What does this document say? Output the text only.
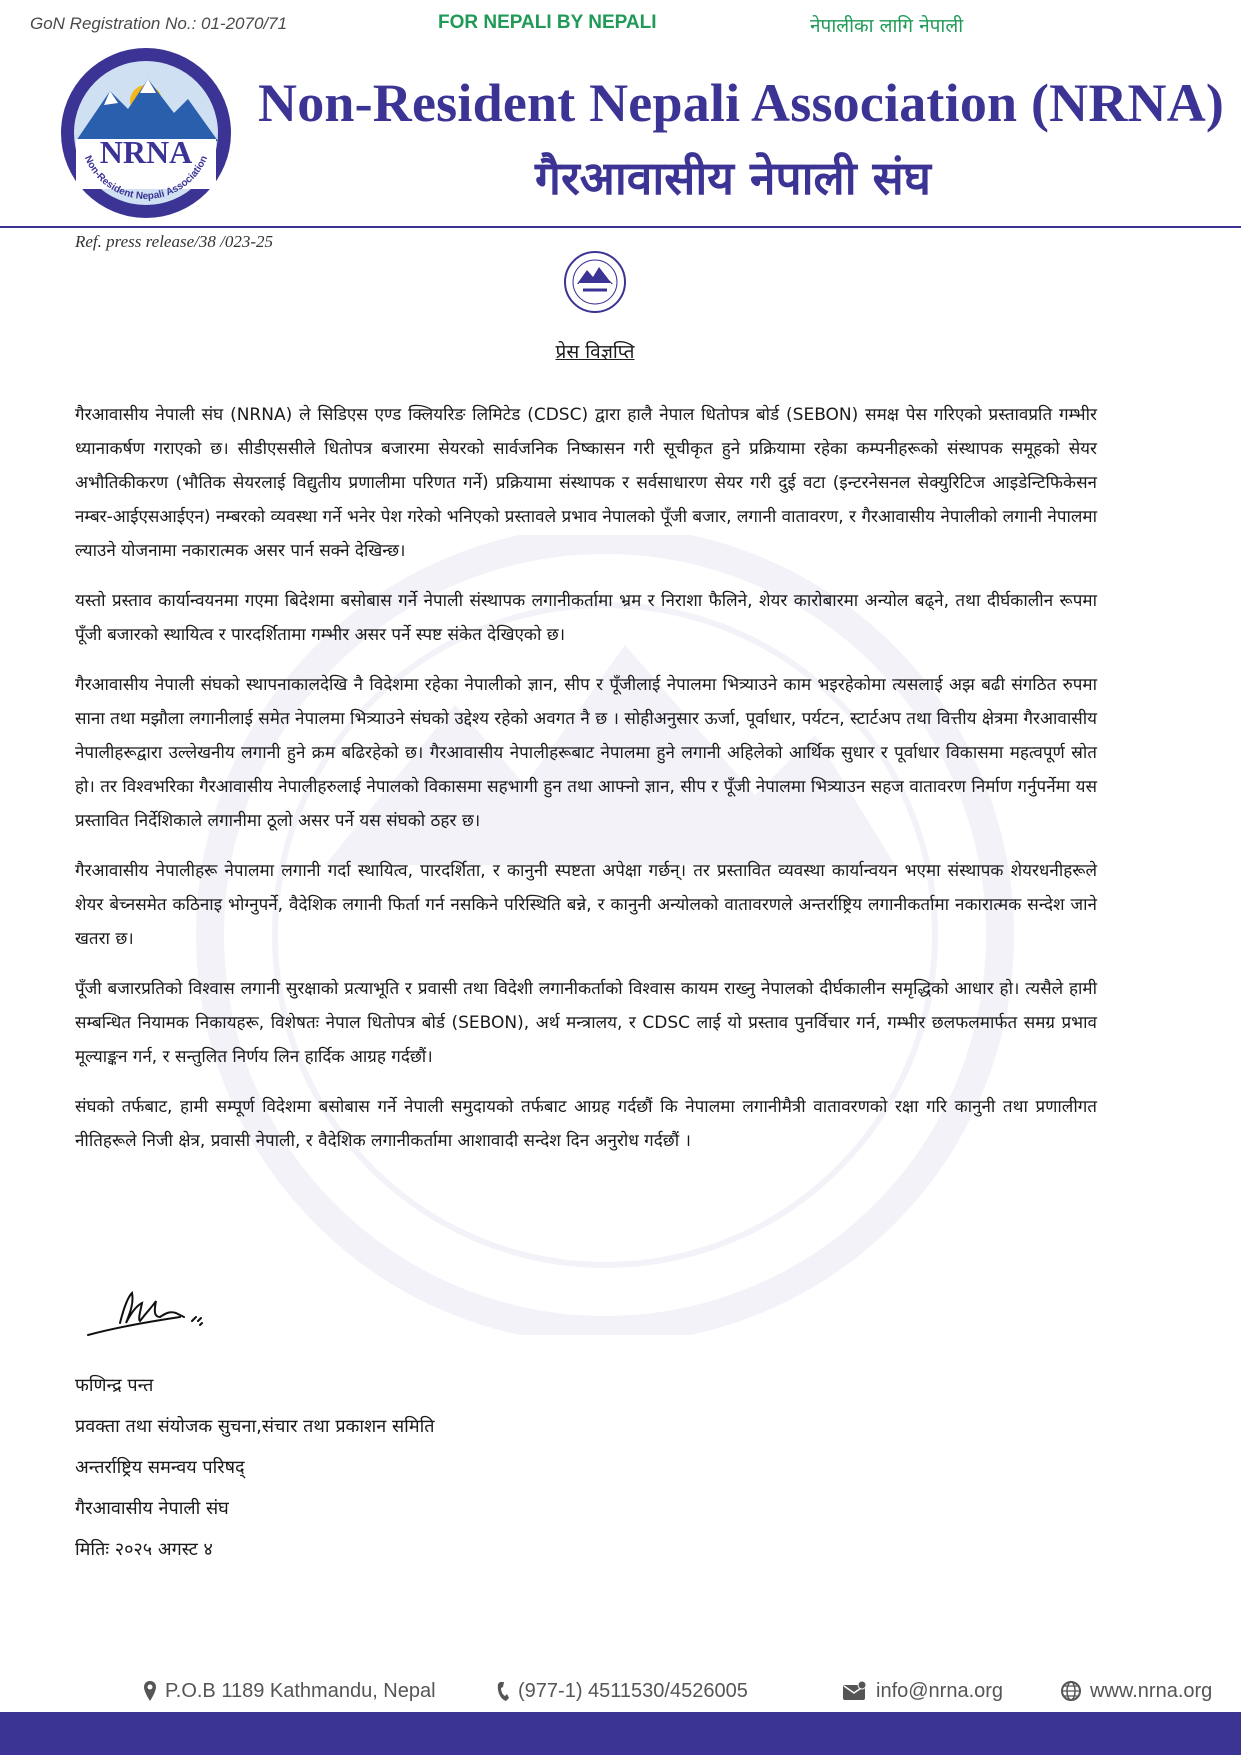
GoN Registration No.: 01-2070/71	FOR NEPALI BY NEPALI	नेपालीका लागि नेपाली
NRNA
Non-Resident Nepali Association
Non-Resident Nepali Association (NRNA)
गैरआवासीय नेपाली संघ
Ref. press release/38 /023-25
प्रेस विज्ञप्ति

गैरआवासीय नेपाली संघ (NRNA) ले सिडिएस एण्ड क्लियरिङ लिमिटेड (CDSC) द्वारा हालै नेपाल धितोपत्र बोर्ड (SEBON) समक्ष पेस गरिएको प्रस्तावप्रति गम्भीर ध्यानाकर्षण गराएको छ। सीडीएससीले धितोपत्र बजारमा सेयरको सार्वजनिक निष्कासन गरी सूचीकृत हुने प्रक्रियामा रहेका कम्पनीहरूको संस्थापक समूहको सेयर अभौतिकीकरण (भौतिक सेयरलाई विद्युतीय प्रणालीमा परिणत गर्ने) प्रक्रियामा संस्थापक र सर्वसाधारण सेयर गरी दुई वटा (इन्टरनेसनल सेक्युरिटिज आइडेन्टिफिकेसन नम्बर-आईएसआईएन) नम्बरको व्यवस्था गर्ने भनेर पेश गरेको भनिएको प्रस्तावले प्रभाव नेपालको पूँजी बजार, लगानी वातावरण, र गैरआवासीय नेपालीको लगानी नेपालमा ल्याउने योजनामा नकारात्मक असर पार्न सक्ने देखिन्छ।

यस्तो प्रस्ताव कार्यान्वयनमा गएमा बिदेशमा बसोबास गर्ने नेपाली संस्थापक लगानीकर्तामा भ्रम र निराशा फैलिने, शेयर कारोबारमा अन्योल बढ्ने, तथा दीर्घकालीन रूपमा पूँजी बजारको स्थायित्व र पारदर्शितामा गम्भीर असर पर्ने स्पष्ट संकेत देखिएको छ।

गैरआवासीय नेपाली संघको स्थापनाकालदेखि नै विदेशमा रहेका नेपालीको ज्ञान, सीप र पूँजीलाई नेपालमा भित्र्याउने काम भइरहेकोमा त्यसलाई अझ बढी संगठित रुपमा साना तथा मझौला लगानीलाई समेत नेपालमा भित्र्याउने संघको उद्देश्य रहेको अवगत नै छ । सोहीअनुसार ऊर्जा, पूर्वाधार, पर्यटन, स्टार्टअप तथा वित्तीय क्षेत्रमा गैरआवासीय नेपालीहरूद्वारा उल्लेखनीय लगानी हुने क्रम बढिरहेको छ। गैरआवासीय नेपालीहरूबाट नेपालमा हुने लगानी अहिलेको आर्थिक सुधार र पूर्वाधार विकासमा महत्वपूर्ण स्रोत हो। तर विश्वभरिका गैरआवासीय नेपालीहरुलाई नेपालको विकासमा सहभागी हुन तथा आफ्नो ज्ञान, सीप र पूँजी नेपालमा भित्र्याउन सहज वातावरण निर्माण गर्नुपर्नेमा यस प्रस्तावित निर्देशिकाले लगानीमा ठूलो असर पर्ने यस संघको ठहर छ।

गैरआवासीय नेपालीहरू नेपालमा लगानी गर्दा स्थायित्व, पारदर्शिता, र कानुनी स्पष्टता अपेक्षा गर्छन्। तर प्रस्तावित व्यवस्था कार्यान्वयन भएमा संस्थापक शेयरधनीहरूले शेयर बेच्नसमेत कठिनाइ भोग्नुपर्ने, वैदेशिक लगानी फिर्ता गर्न नसकिने परिस्थिति बन्ने, र कानुनी अन्योलको वातावरणले अन्तर्राष्ट्रिय लगानीकर्तामा नकारात्मक सन्देश जाने खतरा छ।

पूँजी बजारप्रतिको विश्वास लगानी सुरक्षाको प्रत्याभूति र प्रवासी तथा विदेशी लगानीकर्ताको विश्वास कायम राख्नु नेपालको दीर्घकालीन समृद्धिको आधार हो। त्यसैले हामी सम्बन्धित नियामक निकायहरू, विशेषतः नेपाल धितोपत्र बोर्ड (SEBON), अर्थ मन्त्रालय, र CDSC लाई यो प्रस्ताव पुनर्विचार गर्न, गम्भीर छलफलमार्फत समग्र प्रभाव मूल्याङ्कन गर्न, र सन्तुलित निर्णय लिन हार्दिक आग्रह गर्दछौं।

संघको तर्फबाट, हामी सम्पूर्ण विदेशमा बसोबास गर्ने नेपाली समुदायको तर्फबाट आग्रह गर्दछौं कि नेपालमा लगानीमैत्री वातावरणको रक्षा गरि कानुनी तथा प्रणालीगत नीतिहरूले निजी क्षेत्र, प्रवासी नेपाली, र वैदेशिक लगानीकर्तामा आशावादी सन्देश दिन अनुरोध गर्दछौं ।

फणिन्द्र पन्त
प्रवक्ता तथा संयोजक सुचना,संचार तथा प्रकाशन समिति
अन्तर्राष्ट्रिय समन्वय परिषद्
गैरआवासीय नेपाली संघ
मितिः २०२५ अगस्ट ४
P.O.B 1189 Kathmandu, Nepal	(977-1) 4511530/4526005	info@nrna.org	www.nrna.org
